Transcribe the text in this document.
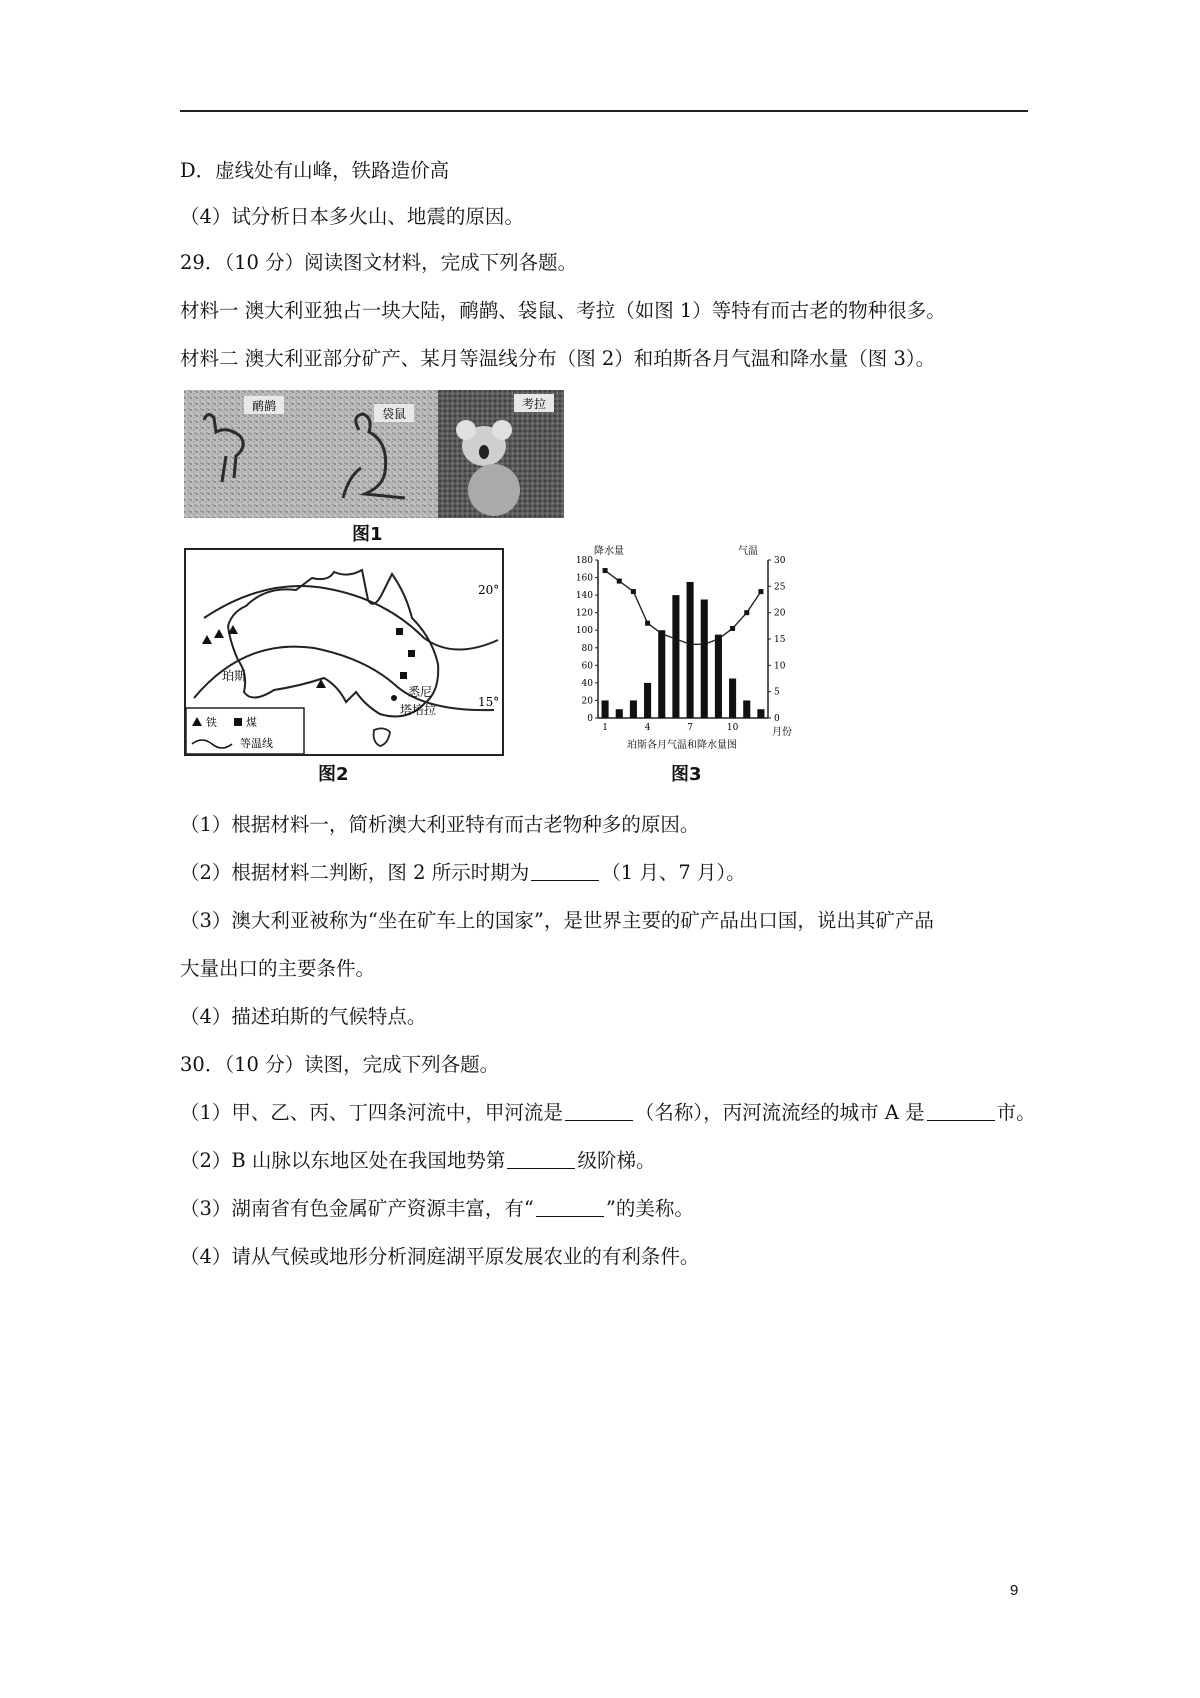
D．虚线处有山峰，铁路造价高
（4）试分析日本多火山、地震的原因。
29．（10 分）阅读图文材料，完成下列各题。
材料一 澳大利亚独占一块大陆，鸸鹋、袋鼠、考拉（如图 1）等特有而古老的物种很多。
材料二 澳大利亚部分矿产、某月等温线分布（图 2）和珀斯各月气温和降水量（图 3）。
鸸鹋
袋鼠
考拉
图1
20°
15°
珀斯
悉尼
塔培拉
铁	煤
等温线
图2
降水量	气温
0
20
40
60
80
100
120
140
160
180
0
5
10
15
20
25
30
1	4	7	10	月份
珀斯各月气温和降水量图
图3
（1）根据材料一，简析澳大利亚特有而古老物种多的原因。
（2）根据材料二判断，图 2 所示时期为	（1 月、7 月）。
（3）澳大利亚被称为“坐在矿车上的国家”，是世界主要的矿产品出口国，说出其矿产品
大量出口的主要条件。
（4）描述珀斯的气候特点。
30．（10 分）读图，完成下列各题。
（1）甲、乙、丙、丁四条河流中，甲河流是	（名称），丙河流流经的城市 A 是	市。
（2）B 山脉以东地区处在我国地势第	级阶梯。
（3）湖南省有色金属矿产资源丰富，有“	”的美称。
（4）请从气候或地形分析洞庭湖平原发展农业的有利条件。
9
